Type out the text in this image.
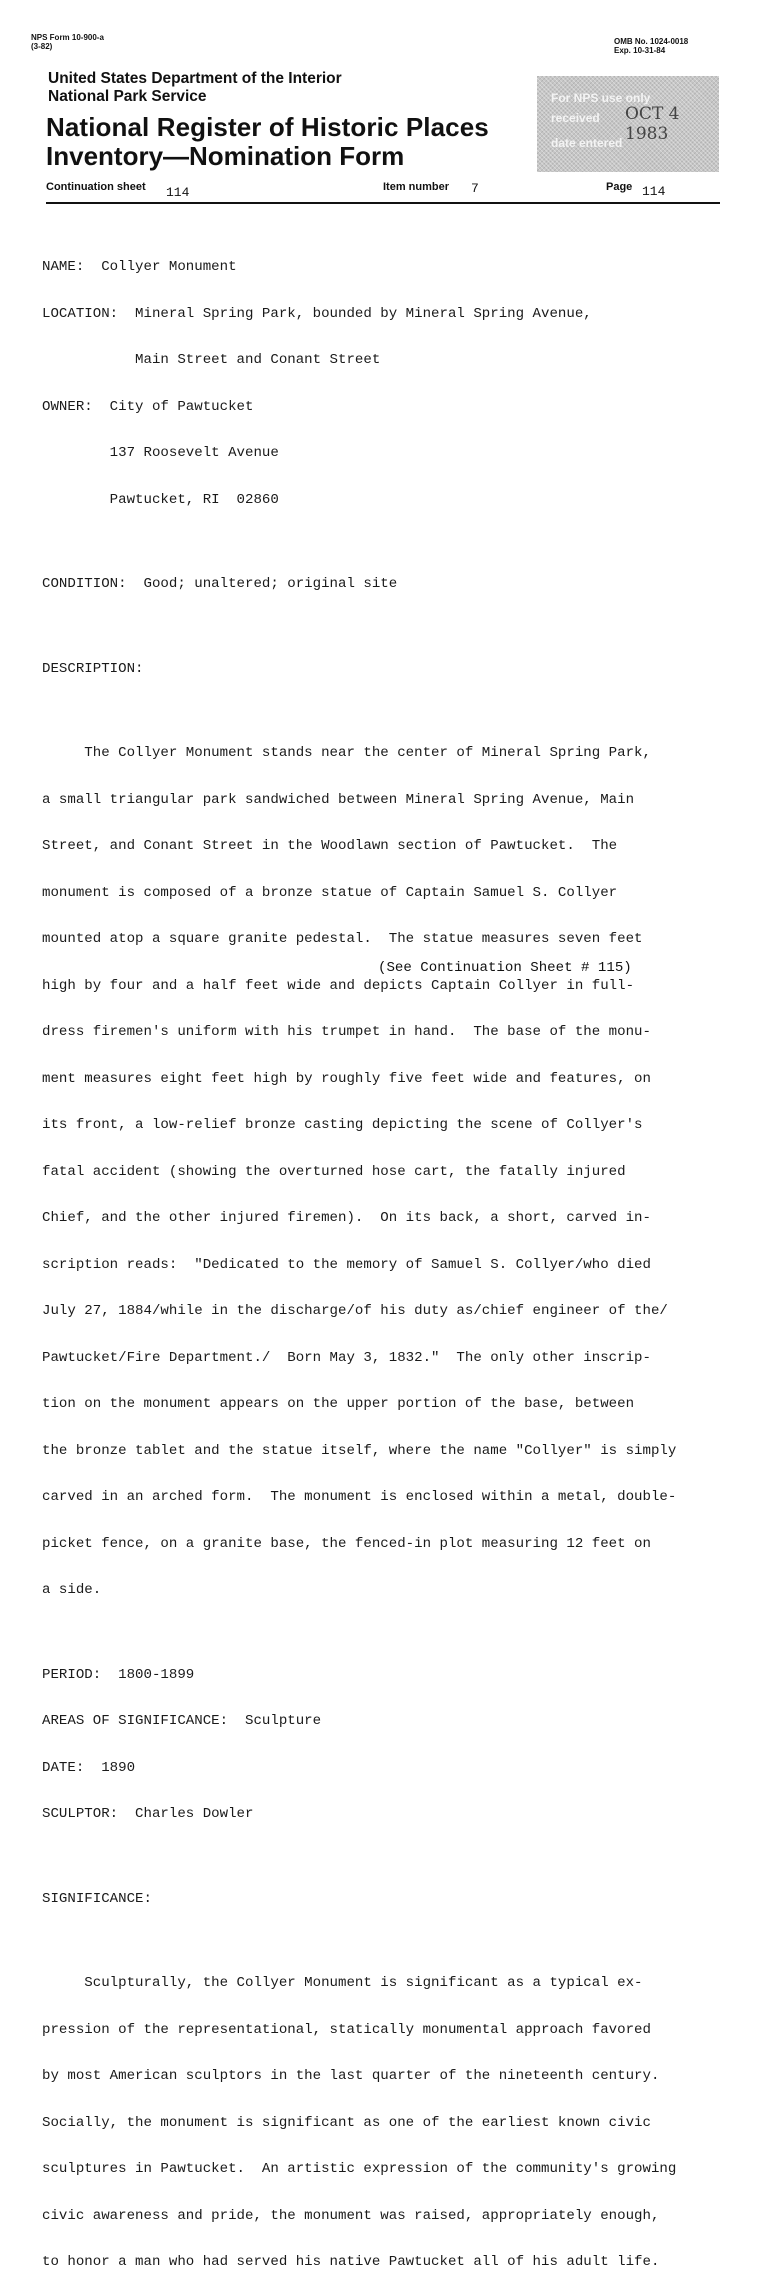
NPS Form 10-900-a
(3-82)
OMB No. 1024-0018
Exp. 10-31-84
United States Department of the Interior
National Park Service
National Register of Historic Places
Inventory—Nomination Form
For NPS use only
received OCT 4 1983
date entered
Continuation sheet 114	Item number 7	Page 114

NAME:  Collyer Monument

LOCATION:  Mineral Spring Park, bounded by Mineral Spring Avenue,

Main Street and Conant Street

OWNER:  City of Pawtucket

137 Roosevelt Avenue

Pawtucket, RI  02860

CONDITION:  Good; unaltered; original site

DESCRIPTION:

The Collyer Monument stands near the center of Mineral Spring Park,

a small triangular park sandwiched between Mineral Spring Avenue, Main

Street, and Conant Street in the Woodlawn section of Pawtucket.  The

monument is composed of a bronze statue of Captain Samuel S. Collyer

mounted atop a square granite pedestal.  The statue measures seven feet

high by four and a half feet wide and depicts Captain Collyer in full-

dress firemen's uniform with his trumpet in hand.  The base of the monu-

ment measures eight feet high by roughly five feet wide and features, on

its front, a low-relief bronze casting depicting the scene of Collyer's

fatal accident (showing the overturned hose cart, the fatally injured

Chief, and the other injured firemen).  On its back, a short, carved in-

scription reads:  "Dedicated to the memory of Samuel S. Collyer/who died

July 27, 1884/while in the discharge/of his duty as/chief engineer of the/

Pawtucket/Fire Department./  Born May 3, 1832."  The only other inscrip-

tion on the monument appears on the upper portion of the base, between

the bronze tablet and the statue itself, where the name "Collyer" is simply

carved in an arched form.  The monument is enclosed within a metal, double-

picket fence, on a granite base, the fenced-in plot measuring 12 feet on

a side.

PERIOD:  1800-1899

AREAS OF SIGNIFICANCE:  Sculpture

DATE:  1890

SCULPTOR:  Charles Dowler

SIGNIFICANCE:

Sculpturally, the Collyer Monument is significant as a typical ex-

pression of the representational, statically monumental approach favored

by most American sculptors in the last quarter of the nineteenth century.

Socially, the monument is significant as one of the earliest known civic

sculptures in Pawtucket.  An artistic expression of the community's growing

civic awareness and pride, the monument was raised, appropriately enough,

to honor a man who had served his native Pawtucket all of his adult life.

(See Continuation Sheet # 115)
